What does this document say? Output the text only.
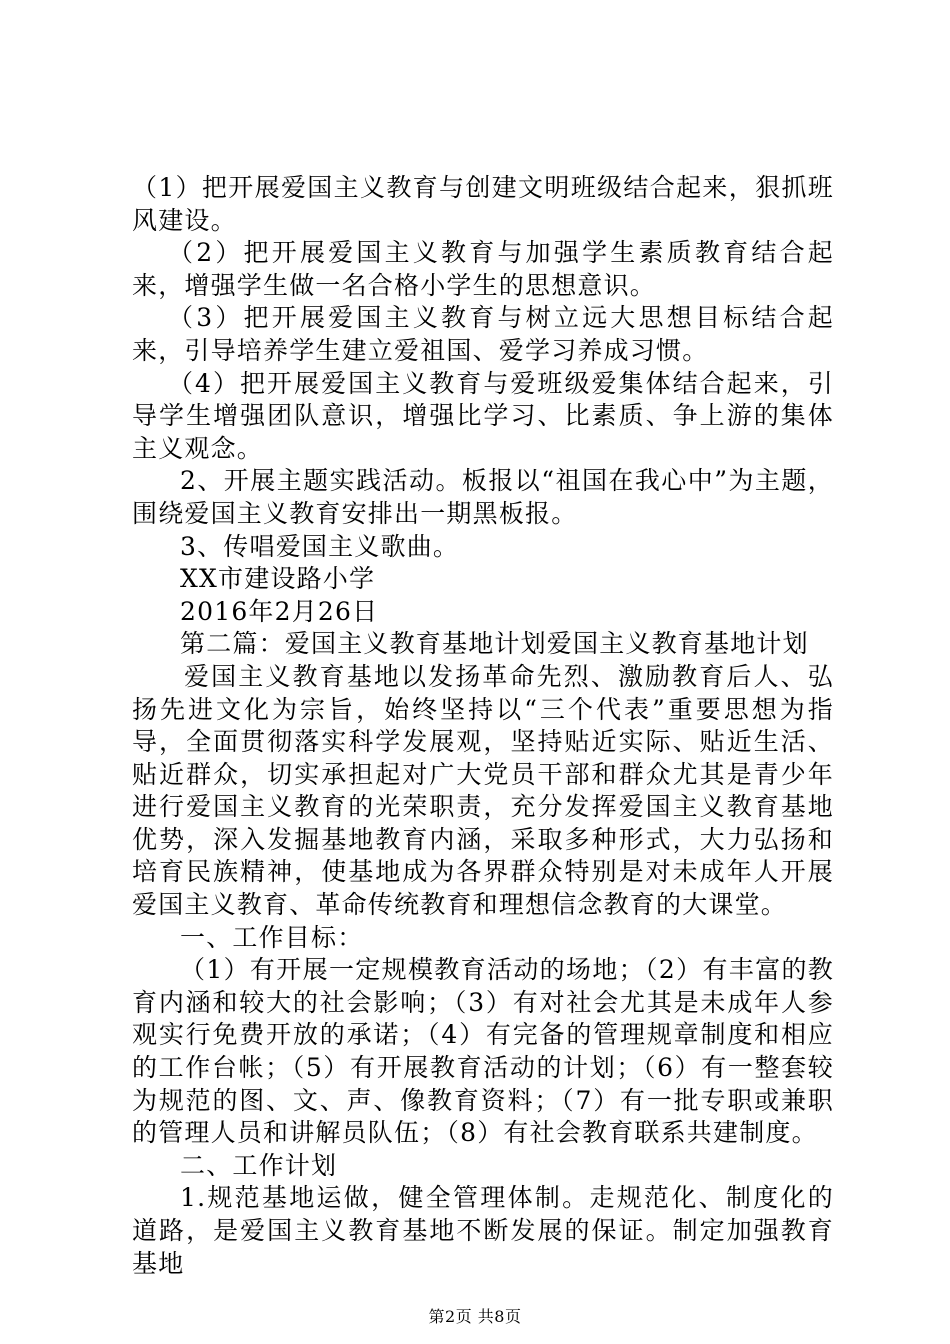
（1）把开展爱国主义教育与创建文明班级结合起来，狠抓班风建设。

（2）把开展爱国主义教育与加强学生素质教育结合起来，增强学生做一名合格小学生的思想意识。

（3）把开展爱国主义教育与树立远大思想目标结合起来，引导培养学生建立爱祖国、爱学习养成习惯。

（4）把开展爱国主义教育与爱班级爱集体结合起来，引导学生增强团队意识，增强比学习、比素质、争上游的集体主义观念。

2、开展主题实践活动。板报以“祖国在我心中”为主题，围绕爱国主义教育安排出一期黑板报。

3、传唱爱国主义歌曲。

XX市建设路小学

2016年2月26日

第二篇：爱国主义教育基地计划爱国主义教育基地计划

爱国主义教育基地以发扬革命先烈、激励教育后人、弘扬先进文化为宗旨，始终坚持以“三个代表”重要思想为指导，全面贯彻落实科学发展观，坚持贴近实际、贴近生活、贴近群众，切实承担起对广大党员干部和群众尤其是青少年进行爱国主义教育的光荣职责，充分发挥爱国主义教育基地优势，深入发掘基地教育内涵，采取多种形式，大力弘扬和培育民族精神，使基地成为各界群众特别是对未成年人开展爱国主义教育、革命传统教育和理想信念教育的大课堂。

一、工作目标：

（1）有开展一定规模教育活动的场地；（2）有丰富的教育内涵和较大的社会影响；（3）有对社会尤其是未成年人参观实行免费开放的承诺；（4）有完备的管理规章制度和相应的工作台帐；（5）有开展教育活动的计划；（6）有一整套较为规范的图、文、声、像教育资料；（7）有一批专职或兼职的管理人员和讲解员队伍；（8）有社会教育联系共建制度。

二、工作计划

1.规范基地运做，健全管理体制。走规范化、制度化的道路，是爱国主义教育基地不断发展的保证。制定加强教育基地

第2页 共8页
